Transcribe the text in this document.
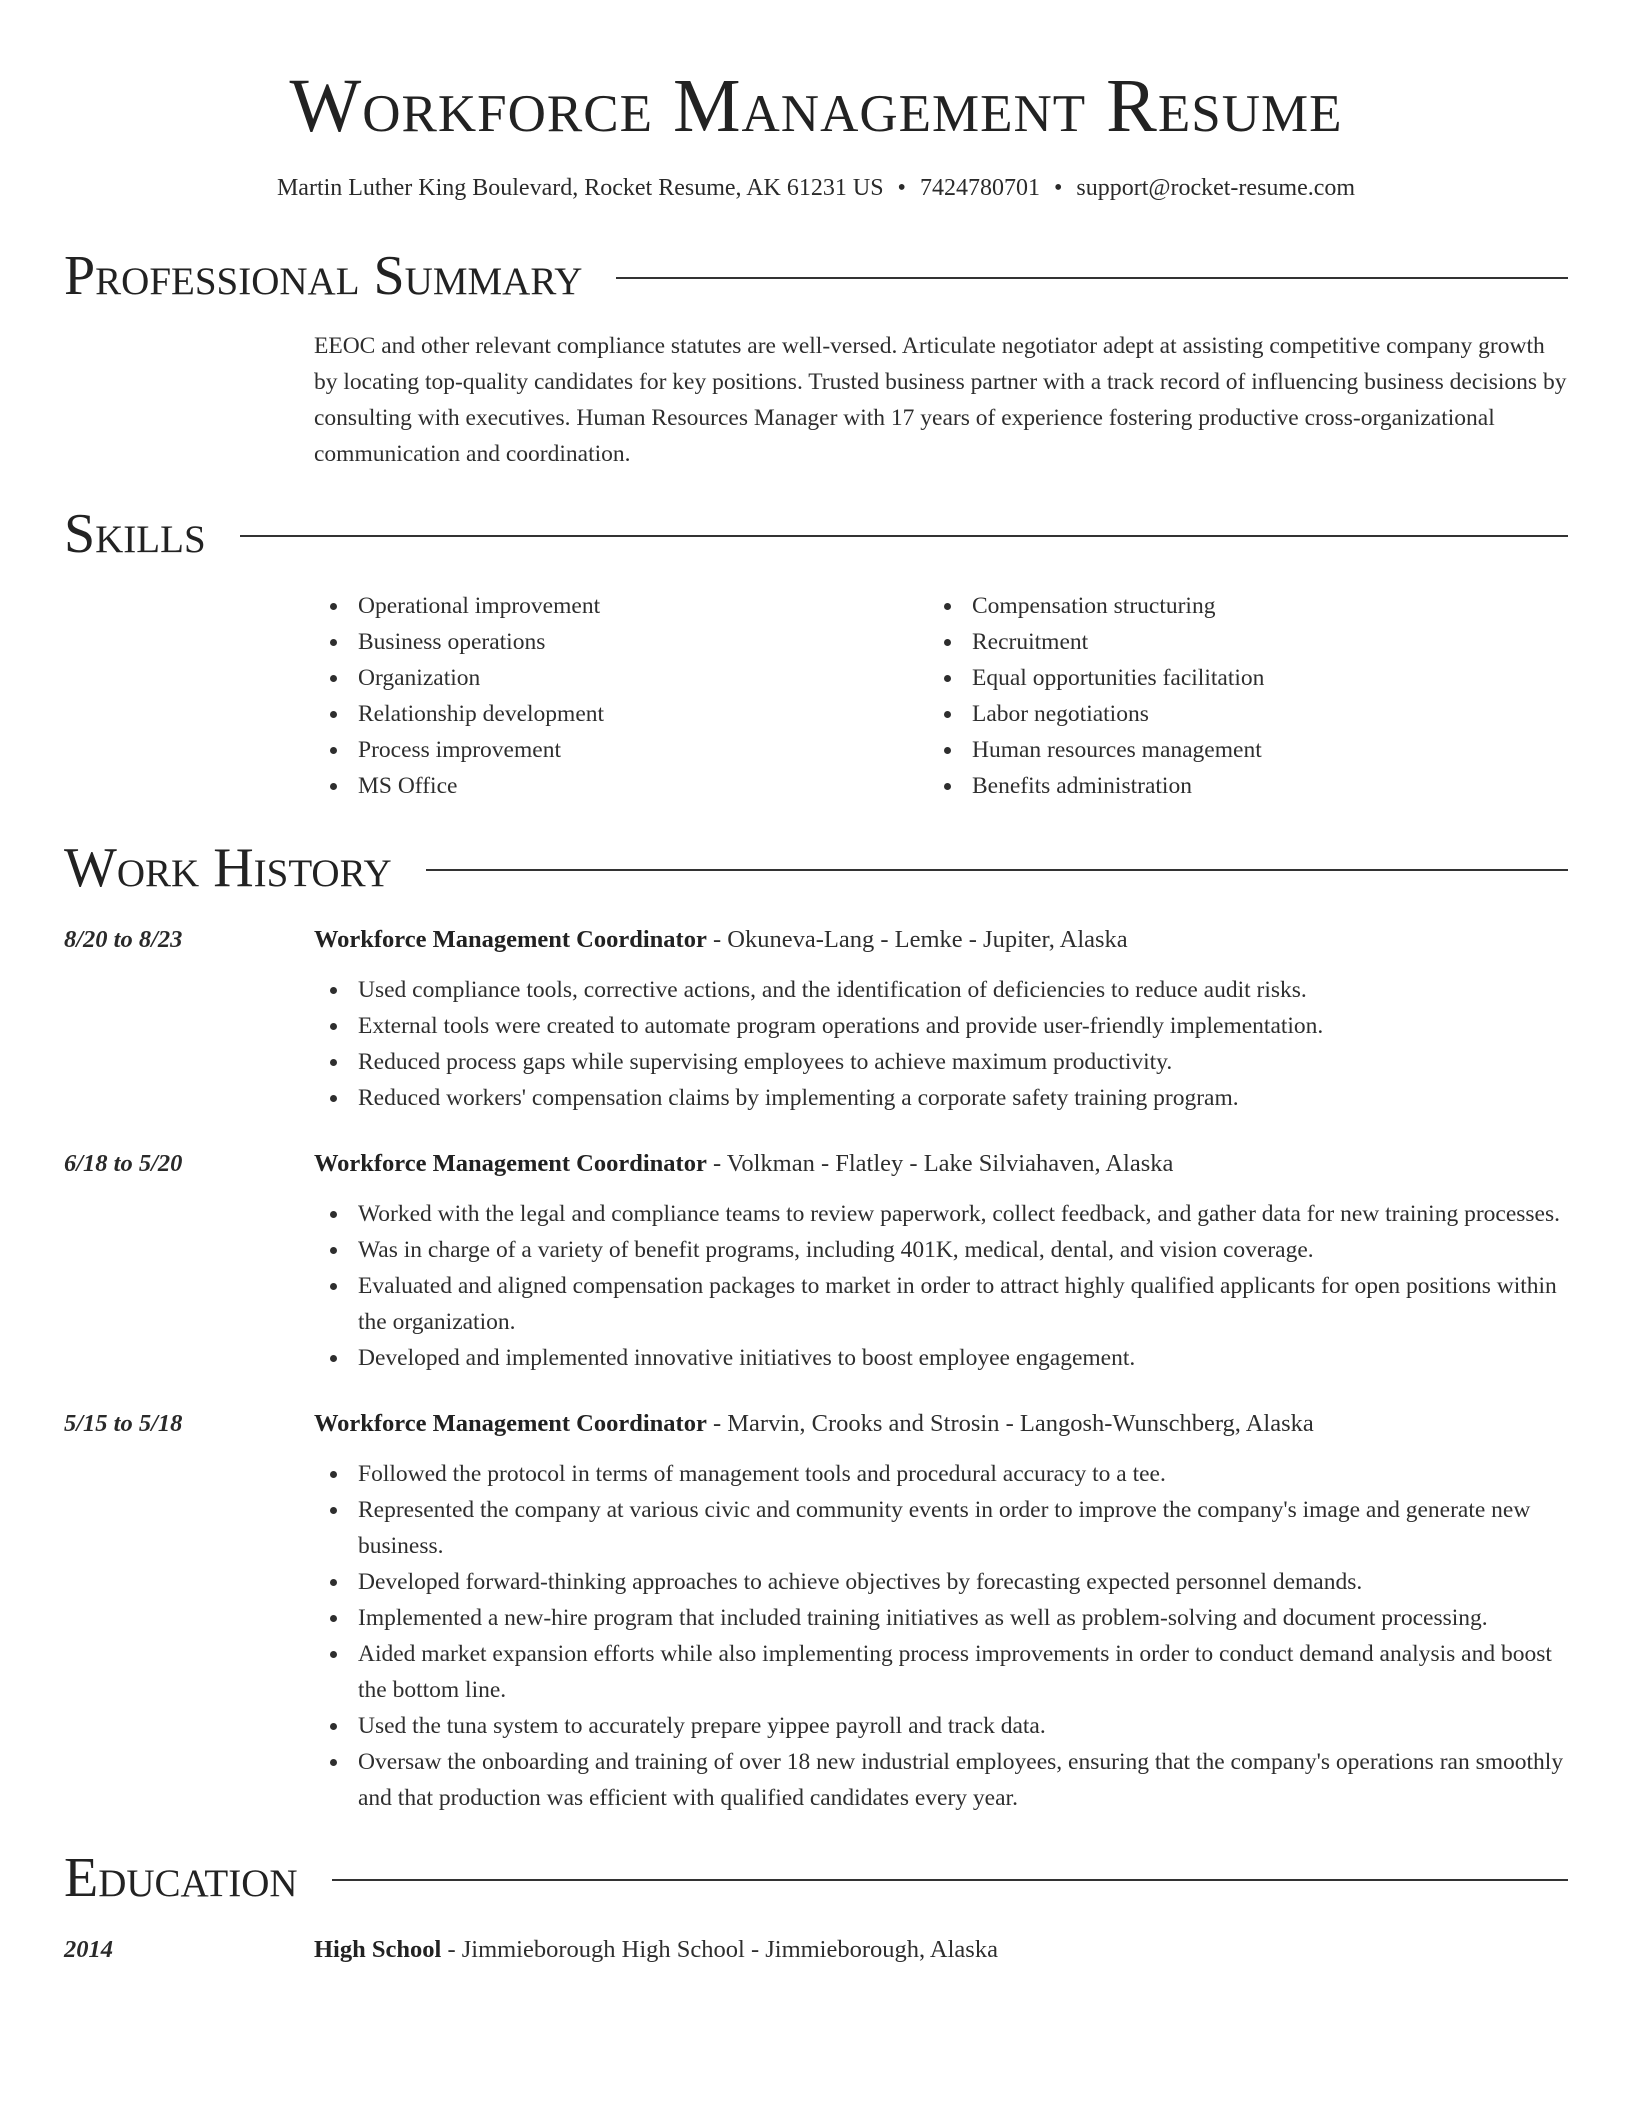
Workforce Management Resume
Martin Luther King Boulevard, Rocket Resume, AK 61231 US • 7424780701 • support@rocket-resume.com
Professional Summary
EEOC and other relevant compliance statutes are well-versed. Articulate negotiator adept at assisting competitive company growth by locating top-quality candidates for key positions. Trusted business partner with a track record of influencing business decisions by consulting with executives. Human Resources Manager with 17 years of experience fostering productive cross-organizational communication and coordination.
Skills
Operational improvement
Business operations
Organization
Relationship development
Process improvement
MS Office
Compensation structuring
Recruitment
Equal opportunities facilitation
Labor negotiations
Human resources management
Benefits administration
Work History
8/20 to 8/23	Workforce Management Coordinator - Okuneva-Lang - Lemke - Jupiter, Alaska
Used compliance tools, corrective actions, and the identification of deficiencies to reduce audit risks.
External tools were created to automate program operations and provide user-friendly implementation.
Reduced process gaps while supervising employees to achieve maximum productivity.
Reduced workers' compensation claims by implementing a corporate safety training program.
6/18 to 5/20	Workforce Management Coordinator - Volkman - Flatley - Lake Silviahaven, Alaska
Worked with the legal and compliance teams to review paperwork, collect feedback, and gather data for new training processes.
Was in charge of a variety of benefit programs, including 401K, medical, dental, and vision coverage.
Evaluated and aligned compensation packages to market in order to attract highly qualified applicants for open positions within the organization.
Developed and implemented innovative initiatives to boost employee engagement.
5/15 to 5/18	Workforce Management Coordinator - Marvin, Crooks and Strosin - Langosh-Wunschberg, Alaska
Followed the protocol in terms of management tools and procedural accuracy to a tee.
Represented the company at various civic and community events in order to improve the company's image and generate new business.
Developed forward-thinking approaches to achieve objectives by forecasting expected personnel demands.
Implemented a new-hire program that included training initiatives as well as problem-solving and document processing.
Aided market expansion efforts while also implementing process improvements in order to conduct demand analysis and boost the bottom line.
Used the tuna system to accurately prepare yippee payroll and track data.
Oversaw the onboarding and training of over 18 new industrial employees, ensuring that the company's operations ran smoothly and that production was efficient with qualified candidates every year.
Education
2014	High School - Jimmieborough High School - Jimmieborough, Alaska
